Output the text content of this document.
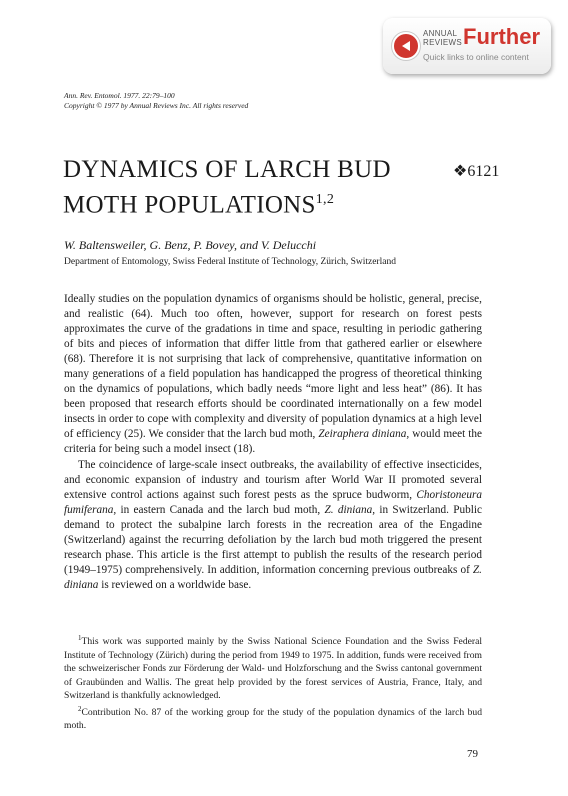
ANNUAL
REVIEWS Further
Quick links to online content
Ann. Rev. Entomol. 1977. 22:79–100
Copyright © 1977 by Annual Reviews Inc. All rights reserved
DYNAMICS OF LARCH BUD
MOTH POPULATIONS$^{1,2}$
❖6121
W. Baltensweiler, G. Benz, P. Bovey, and V. Delucchi
Department of Entomology, Swiss Federal Institute of Technology, Zürich, Switzerland

Ideally studies on the population dynamics of organisms should be holistic, general, precise, and realistic (64). Much too often, however, support for research on forest pests approximates the curve of the gradations in time and space, resulting in periodic gathering of bits and pieces of information that differ little from that gathered earlier or elsewhere (68). Therefore it is not surprising that lack of comprehensive, quantitative information on many generations of a field population has handicapped the progress of theoretical thinking on the dynamics of populations, which badly needs “more light and less heat” (86). It has been proposed that research efforts should be coordinated internationally on a few model insects in order to cope with complexity and diversity of population dynamics at a high level of efficiency (25). We consider that the larch bud moth, Zeiraphera diniana, would meet the criteria for being such a model insect (18).

The coincidence of large-scale insect outbreaks, the availability of effective insecticides, and economic expansion of industry and tourism after World War II promoted several extensive control actions against such forest pests as the spruce budworm, Choristoneura fumiferana, in eastern Canada and the larch bud moth, Z. diniana, in Switzerland. Public demand to protect the subalpine larch forests in the recreation area of the Engadine (Switzerland) against the recurring defoliation by the larch bud moth triggered the present research phase. This article is the first attempt to publish the results of the research period (1949–1975) comprehensively. In addition, information concerning previous outbreaks of Z. diniana is reviewed on a worldwide base.

$^1$This work was supported mainly by the Swiss National Science Foundation and the Swiss Federal Institute of Technology (Zürich) during the period from 1949 to 1975. In addition, funds were received from the schweizerischer Fonds zur Förderung der Wald- und Holzforschung and the Swiss cantonal government of Graubünden and Wallis. The great help provided by the forest services of Austria, France, Italy, and Switzerland is thankfully acknowledged.

$^2$Contribution No. 87 of the working group for the study of the population dynamics of the larch bud moth.

79
